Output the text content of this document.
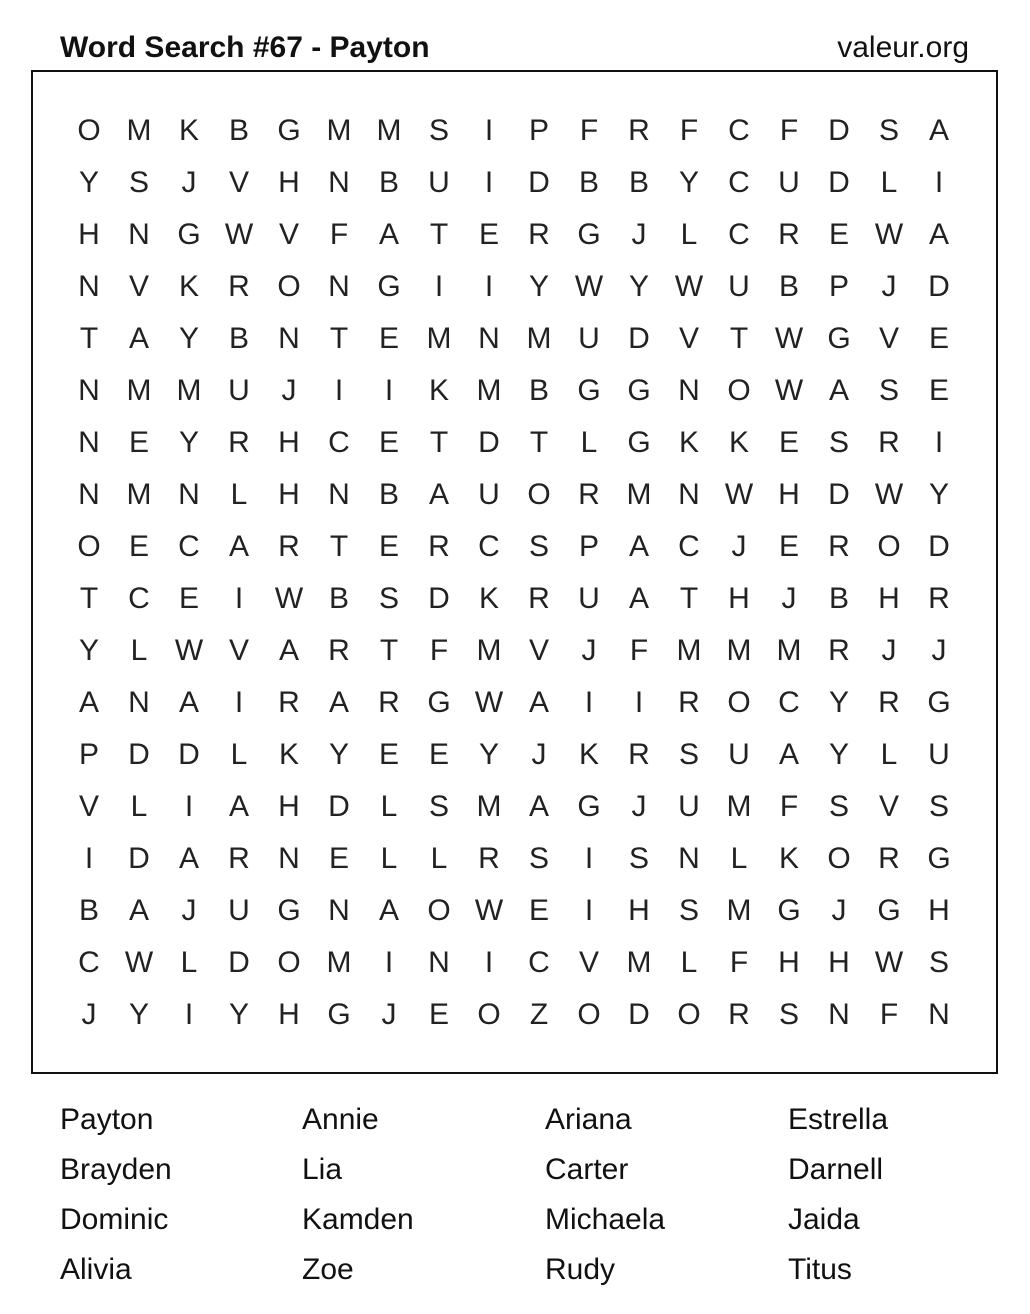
Word Search #67 - Payton	valeur.org
O M K B G M M S	I	P	F	R	F	C	F	D S A
Y S	J	V H N B U	I	D B B Y C U D	L	I
H N G W V	F	A	T	E R G	J	L	C R E W A
N V K R O N G	I	I	Y W Y W U B P	J	D
T	A Y B N	T	E M N M U D V	T W G V E
N M M U	J	I	I	K M B G G N O W A S E
N E Y R H C E	T	D	T	L G K K E S R	I
N M N	L	H N B A U O R M N W H D W Y
O E C A R	T	E R C S P A C	J	E R O D
T	C E	I	W B S D K R U A	T	H	J	B H R
Y	L W V A R	T	F M V	J	F M M M R	J	J
A N A	I	R A R G W A	I	I	R O C Y R G
P D D	L	K Y E E Y	J	K R S U A Y	L	U
V	L	I	A H D	L	S M A G	J	U M F	S V S
I	D A R N E	L	L	R S	I	S N	L	K O R G
B A	J	U G N A O W E	I	H S M G	J	G H
C W L	D O M	I	N	I	C V M L	F	H H W S
J	Y	I	Y H G	J	E O Z O D O R S N	F	N
Payton	Annie	Ariana	Estrella
Brayden	Lia	Carter	Darnell
Dominic	Kamden	Michaela	Jaida
Alivia	Zoe	Rudy	Titus
